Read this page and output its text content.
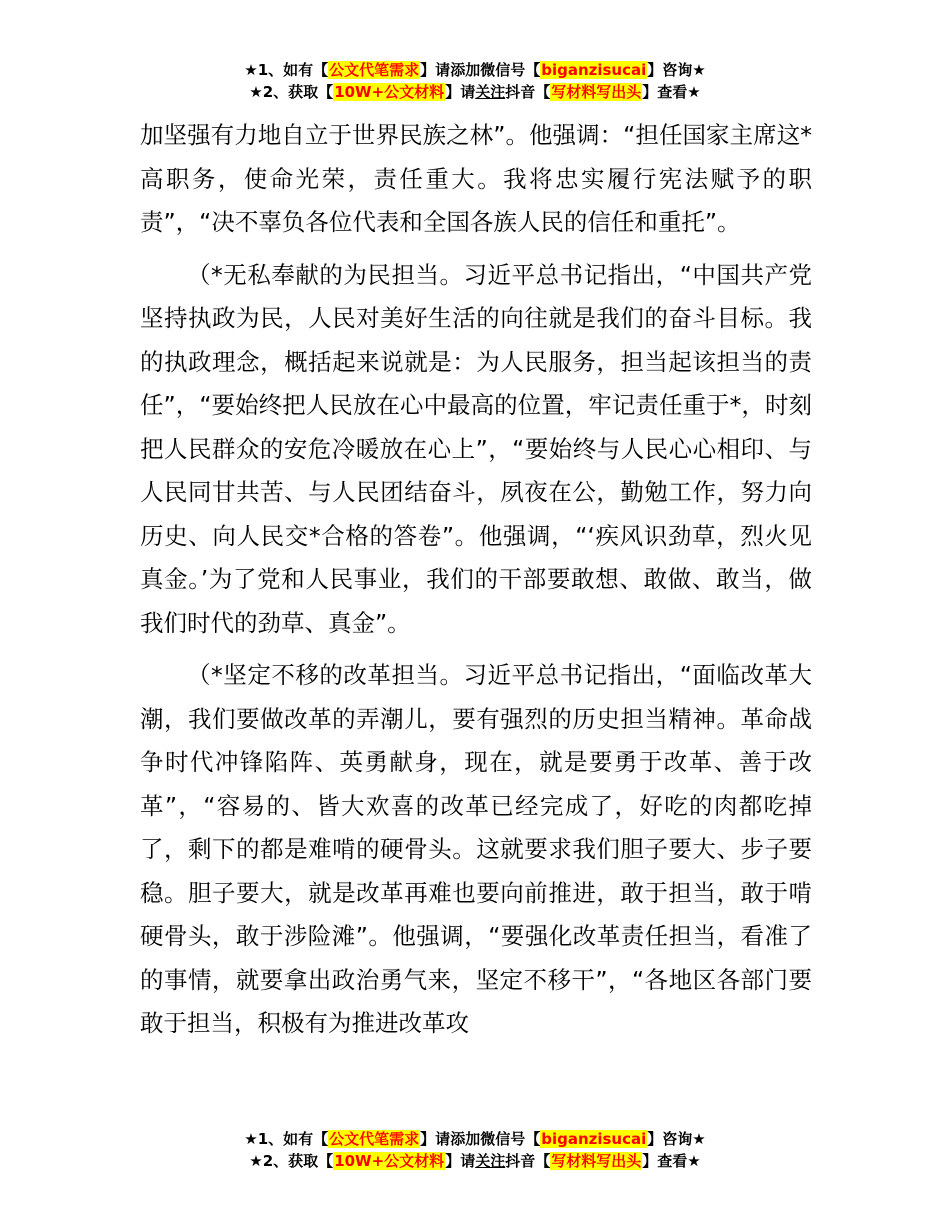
★1、如有【公文代笔需求】请添加微信号【biganzisucai】咨询★
★2、获取【10W+公文材料】请关注抖音【写材料写出头】查看★

加坚强有力地自立于世界民族之林”。他强调：“担任国家主席这*高职务，使命光荣，责任重大。我将忠实履行宪法赋予的职责”，“决不辜负各位代表和全国各族人民的信任和重托”。

（*无私奉献的为民担当。习近平总书记指出，“中国共产党坚持执政为民，人民对美好生活的向往就是我们的奋斗目标。我的执政理念，概括起来说就是：为人民服务，担当起该担当的责任”，“要始终把人民放在心中最高的位置，牢记责任重于*，时刻把人民群众的安危冷暖放在心上”，“要始终与人民心心相印、与人民同甘共苦、与人民团结奋斗，夙夜在公，勤勉工作，努力向历史、向人民交*合格的答卷”。他强调，“‘疾风识劲草，烈火见真金。’为了党和人民事业，我们的干部要敢想、敢做、敢当，做我们时代的劲草、真金”。

（*坚定不移的改革担当。习近平总书记指出，“面临改革大潮，我们要做改革的弄潮儿，要有强烈的历史担当精神。革命战争时代冲锋陷阵、英勇献身，现在，就是要勇于改革、善于改革”，“容易的、皆大欢喜的改革已经完成了，好吃的肉都吃掉了，剩下的都是难啃的硬骨头。这就要求我们胆子要大、步子要稳。胆子要大，就是改革再难也要向前推进，敢于担当，敢于啃硬骨头，敢于涉险滩”。他强调，“要强化改革责任担当，看准了的事情，就要拿出政治勇气来，坚定不移干”，“各地区各部门要敢于担当，积极有为推进改革攻

★1、如有【公文代笔需求】请添加微信号【biganzisucai】咨询★
★2、获取【10W+公文材料】请关注抖音【写材料写出头】查看★
